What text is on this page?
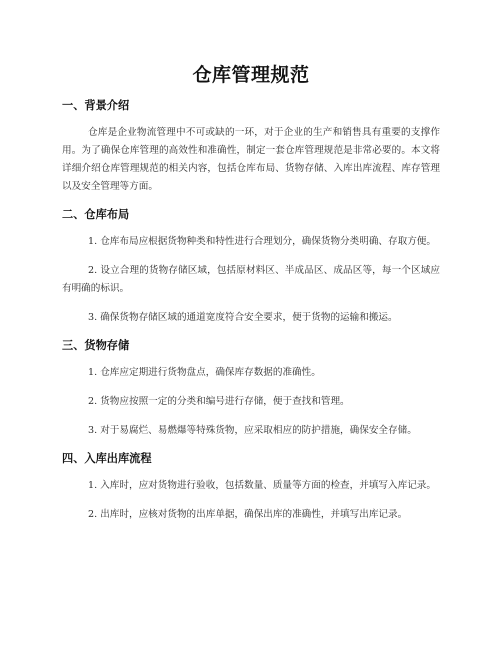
仓库管理规范
一、背景介绍

仓库是企业物流管理中不可或缺的一环，对于企业的生产和销售具有重要的支撑作用。为了确保仓库管理的高效性和准确性，制定一套仓库管理规范是非常必要的。本文将详细介绍仓库管理规范的相关内容，包括仓库布局、货物存储、入库出库流程、库存管理以及安全管理等方面。

二、仓库布局

1. 仓库布局应根据货物种类和特性进行合理划分，确保货物分类明确、存取方便。

2. 设立合理的货物存储区域，包括原材料区、半成品区、成品区等，每一个区域应有明确的标识。

3. 确保货物存储区域的通道宽度符合安全要求，便于货物的运输和搬运。

三、货物存储

1. 仓库应定期进行货物盘点，确保库存数据的准确性。

2. 货物应按照一定的分类和编号进行存储，便于查找和管理。

3. 对于易腐烂、易燃爆等特殊货物，应采取相应的防护措施，确保安全存储。

四、入库出库流程

1. 入库时，应对货物进行验收，包括数量、质量等方面的检查，并填写入库记录。

2. 出库时，应核对货物的出库单据，确保出库的准确性，并填写出库记录。
